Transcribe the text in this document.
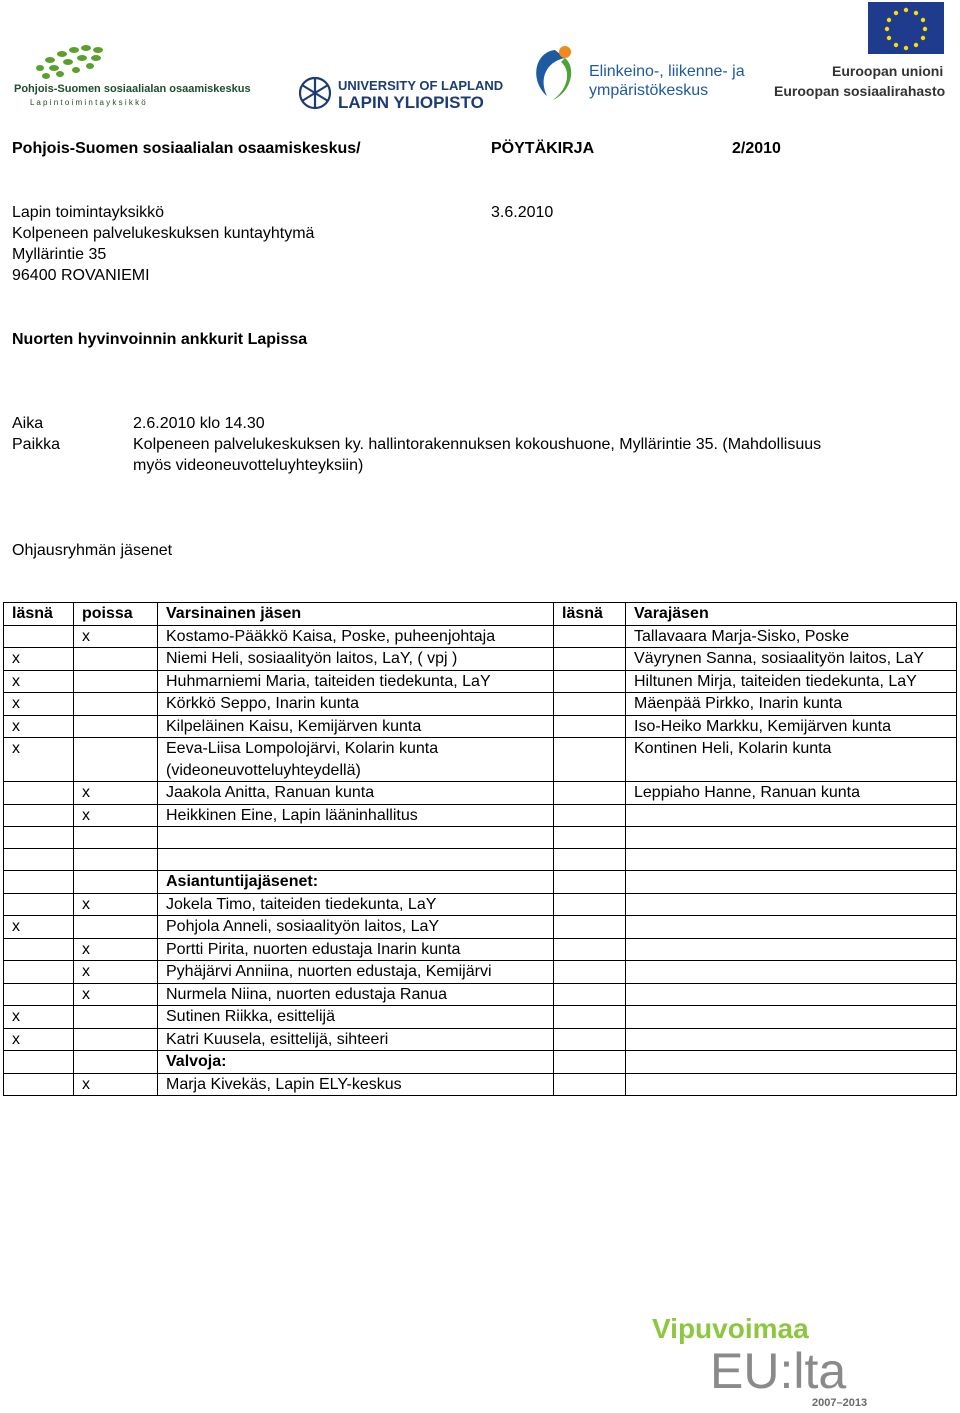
Pohjois-Suomen sosiaalialan osaamiskeskus
L a p i n t o i m i n t a y k s i k k ö
UNIVERSITY OF LAPLAND
LAPIN YLIOPISTO
Elinkeino-, liikenne- ja
ympäristökeskus
Euroopan unioni
Euroopan sosiaalirahasto
Pohjois-Suomen sosiaalialan osaamiskeskus/	PÖYTÄKIRJA	2/2010
Lapin toimintayksikkö	3.6.2010
Kolpeneen palvelukeskuksen kuntayhtymä
Myllärintie 35
96400 ROVANIEMI
Nuorten hyvinvoinnin ankkurit Lapissa
Aika	2.6.2010 klo 14.30
Paikka	Kolpeneen palvelukeskuksen ky. hallintorakennuksen kokoushuone, Myllärintie 35. (Mahdollisuus
myös videoneuvotteluyhteyksiin)
Ohjausryhmän jäsenet
läsnä	poissa	Varsinainen jäsen	läsnä	Varajäsen
	x	Kostamo-Pääkkö Kaisa, Poske, puheenjohtaja		Tallavaara Marja-Sisko, Poske
x		Niemi Heli, sosiaalityön laitos, LaY, ( vpj )		Väyrynen Sanna, sosiaalityön laitos, LaY
x		Huhmarniemi Maria, taiteiden tiedekunta, LaY		Hiltunen Mirja, taiteiden tiedekunta, LaY
x		Körkkö Seppo, Inarin kunta		Mäenpää Pirkko, Inarin kunta
x		Kilpeläinen Kaisu, Kemijärven kunta		Iso-Heiko Markku, Kemijärven kunta
x		Eeva-Liisa Lompolojärvi, Kolarin kunta (videoneuvotteluyhteydellä)		Kontinen Heli, Kolarin kunta
	x	Jaakola Anitta, Ranuan kunta		Leppiaho Hanne, Ranuan kunta
	x	Heikkinen Eine, Lapin lääninhallitus		

		Asiantuntijajäsenet:		
	x	Jokela Timo, taiteiden tiedekunta, LaY		
x		Pohjola Anneli, sosiaalityön laitos, LaY		
	x	Portti Pirita, nuorten edustaja Inarin kunta		
	x	Pyhäjärvi Anniina, nuorten edustaja, Kemijärvi		
	x	Nurmela Niina, nuorten edustaja Ranua		
x		Sutinen Riikka, esittelijä		
x		Katri Kuusela, esittelijä, sihteeri		
		Valvoja:		
	x	Marja Kivekäs, Lapin ELY-keskus		
Vipuvoimaa
EU:lta
2007–2013
